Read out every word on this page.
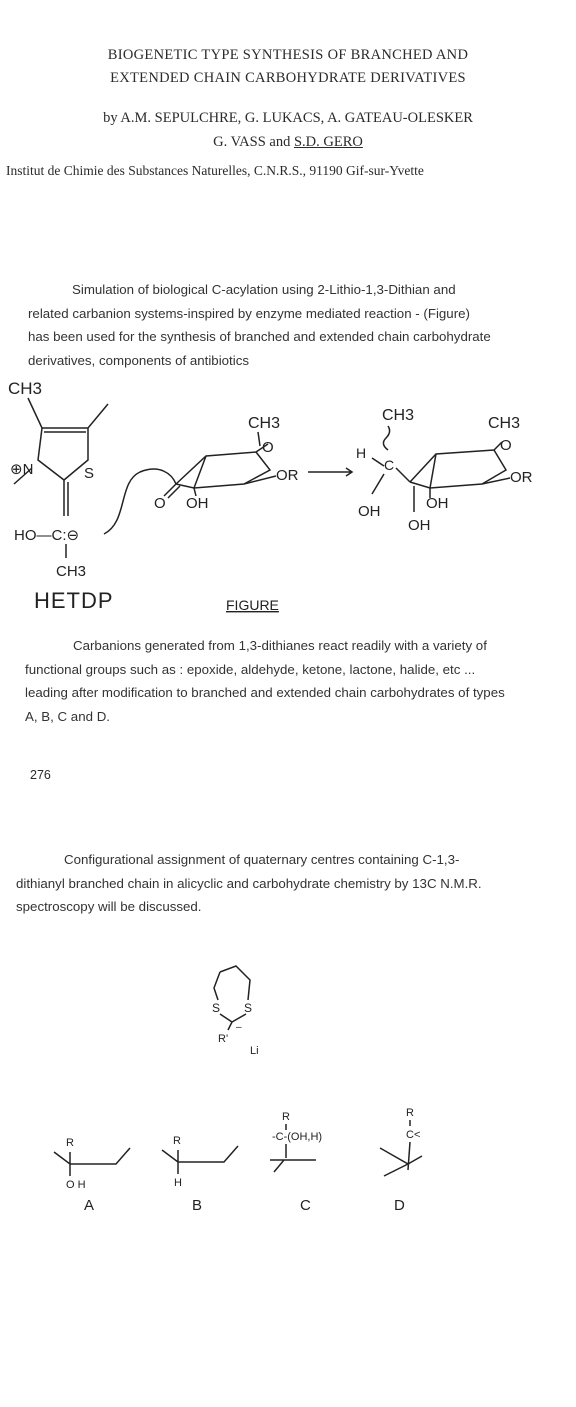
BIOGENETIC TYPE SYNTHESIS OF BRANCHED AND
EXTENDED CHAIN CARBOHYDRATE DERIVATIVES
by A.M. SEPULCHRE, G. LUKACS, A. GATEAU-OLESKER
G. VASS and S.D. GERO
Institut de Chimie des Substances Naturelles, C.N.R.S., 91190 Gif-sur-Yvette

Simulation of biological C-acylation using 2-Lithio-1,3-Dithian and

related carbanion systems-inspired by enzyme mediated reaction - (Figure)

has been used for the synthesis of branched and extended chain carbohydrate

derivatives, components of antibiotics

CH3
⊕N	S
HO—C:⊖
CH3
HETDP
CH3
O
OR
O OH
CH3
H
C
OH
CH3
O
OR
OH
OH
FIGURE

Carbanions generated from 1,3-dithianes react readily with a variety of

functional groups such as : epoxide, aldehyde, ketone, lactone, halide, etc ...

leading after modification to branched and extended chain carbohydrates of types

A, B, C and D.

276

Configurational assignment of quaternary centres containing C-1,3-

dithianyl branched chain in alicyclic and carbohydrate chemistry by 13C N.M.R.

spectroscopy will be discussed.

S S
–
R'
Li
R
O H
A
R
H
B
R
-C-(OH,H)
C
R
C<
D
